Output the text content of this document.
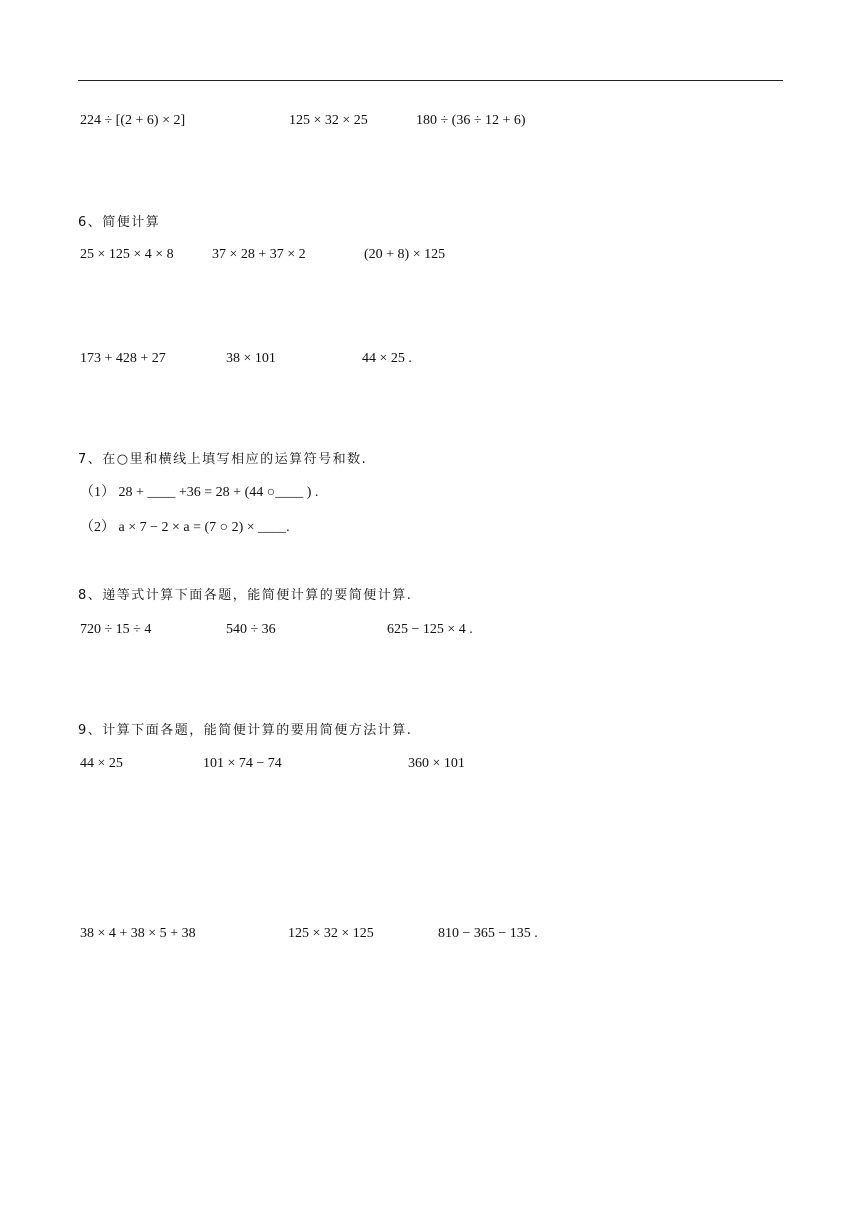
224 ÷ [(2 + 6) × 2]	125 × 32 × 25	180 ÷ (36 ÷ 12 + 6)
6、简便计算
25 × 125 × 4 × 8	37 × 28 + 37 × 2	(20 + 8) × 125
173 + 428 + 27	38 × 101	44 × 25 .
7、在○里和横线上填写相应的运算符号和数.
（1） 28 + ____ +36 = 28 + (44 ○____ ) .
（2） a × 7 − 2 × a = (7 ○ 2) × ____.
8、递等式计算下面各题，能简便计算的要简便计算.
720 ÷ 15 ÷ 4	540 ÷ 36	625 − 125 × 4 .
9、计算下面各题，能简便计算的要用简便方法计算.
44 × 25	101 × 74 − 74	360 × 101
38 × 4 + 38 × 5 + 38	125 × 32 × 125	810 − 365 − 135 .
